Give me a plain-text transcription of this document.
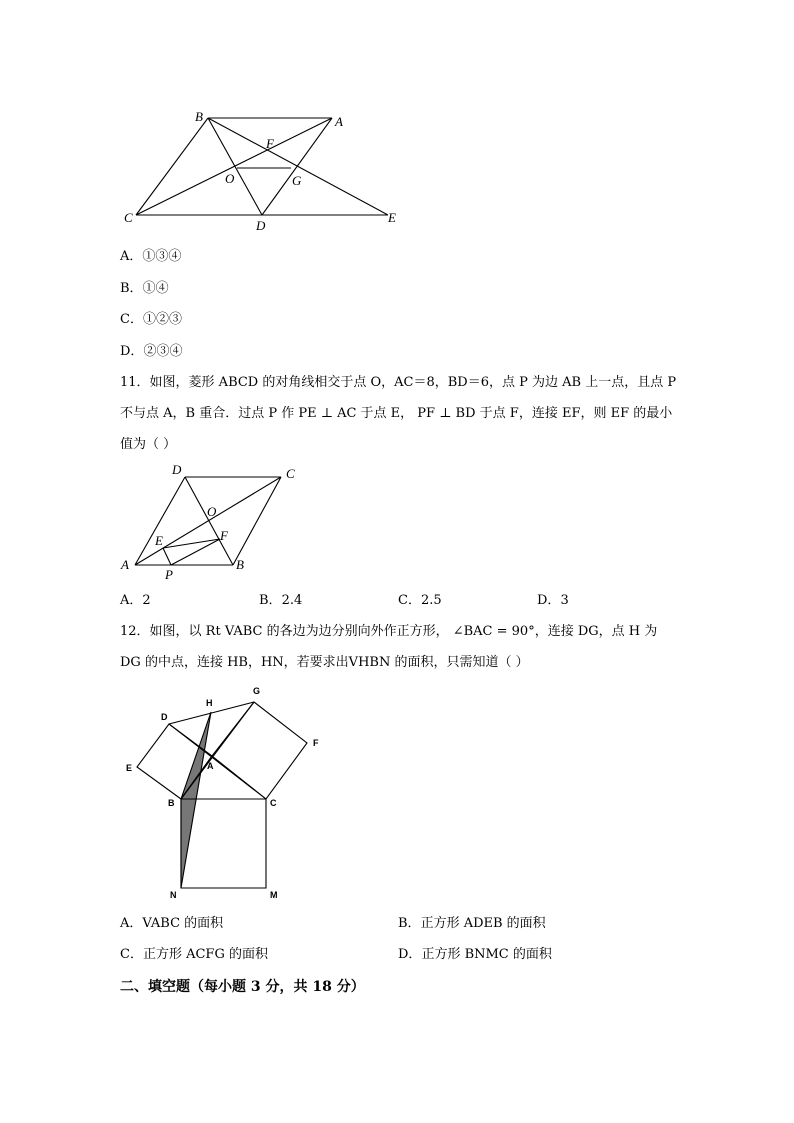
B	A
F
O	G
C
D
E
A．①③④
B．①④
C．①②③
D．②③④
11．如图，菱形 ABCD 的对角线相交于点 O，AC＝8，BD＝6，点 P 为边 AB 上一点，且点 P
不与点 A，B 重合．过点 P 作 PE ⊥ AC 于点 E， PF ⊥ BD 于点 F，连接 EF，则 EF 的最小
值为（ ）
D	C
O
E	F
A
P
B
A．2	B．2.4	C．2.5	D．3
12．如图，以 Rt VABC 的各边为边分别向外作正方形， ∠BAC = 90°，连接 DG，点 H 为
DG 的中点，连接 HB，HN，若要求出VHBN 的面积，只需知道（ ）
H
G
D
F
E	A
B	C
N	M
A．VABC 的面积	B．正方形 ADEB 的面积
C．正方形 ACFG 的面积	D．正方形 BNMC 的面积
二、填空题（每小题 3 分，共 18 分）
